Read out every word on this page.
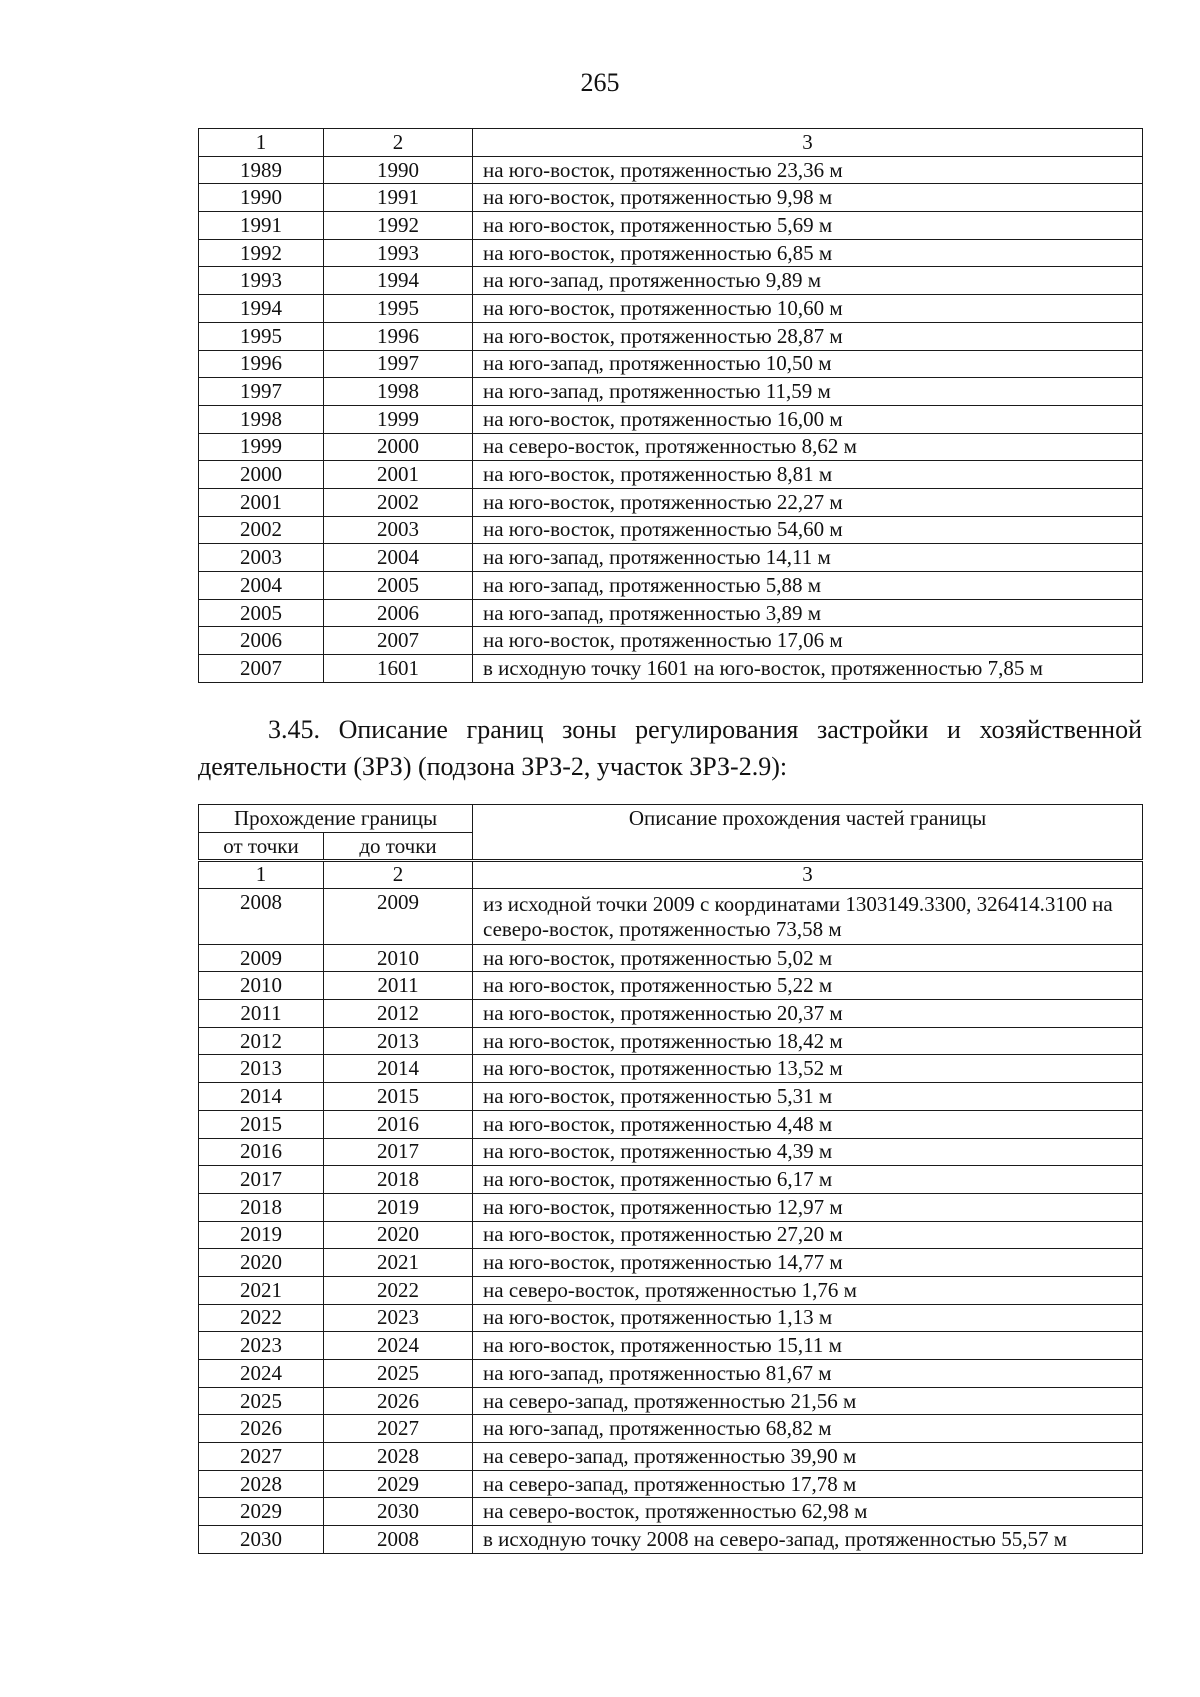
265
1	2	3
1989	1990	на юго-восток, протяженностью 23,36 м
1990	1991	на юго-восток, протяженностью 9,98 м
1991	1992	на юго-восток, протяженностью 5,69 м
1992	1993	на юго-восток, протяженностью 6,85 м
1993	1994	на юго-запад, протяженностью 9,89 м
1994	1995	на юго-восток, протяженностью 10,60 м
1995	1996	на юго-восток, протяженностью 28,87 м
1996	1997	на юго-запад, протяженностью 10,50 м
1997	1998	на юго-запад, протяженностью 11,59 м
1998	1999	на юго-восток, протяженностью 16,00 м
1999	2000	на северо-восток, протяженностью 8,62 м
2000	2001	на юго-восток, протяженностью 8,81 м
2001	2002	на юго-восток, протяженностью 22,27 м
2002	2003	на юго-восток, протяженностью 54,60 м
2003	2004	на юго-запад, протяженностью 14,11 м
2004	2005	на юго-запад, протяженностью 5,88 м
2005	2006	на юго-запад, протяженностью 3,89 м
2006	2007	на юго-восток, протяженностью 17,06 м
2007	1601	в исходную точку 1601 на юго-восток, протяженностью 7,85 м
3.45. Описание границ зоны регулирования застройки и хозяйственной деятельности (ЗРЗ) (подзона ЗРЗ-2, участок ЗРЗ-2.9):
Прохождение границы		Описание прохождения частей границы
от точки	до точки	
1	2	3
2008	2009	из исходной точки 2009 с координатами 1303149.3300, 326414.3100 на северо-восток, протяженностью 73,58 м
2009	2010	на юго-восток, протяженностью 5,02 м
2010	2011	на юго-восток, протяженностью 5,22 м
2011	2012	на юго-восток, протяженностью 20,37 м
2012	2013	на юго-восток, протяженностью 18,42 м
2013	2014	на юго-восток, протяженностью 13,52 м
2014	2015	на юго-восток, протяженностью 5,31 м
2015	2016	на юго-восток, протяженностью 4,48 м
2016	2017	на юго-восток, протяженностью 4,39 м
2017	2018	на юго-восток, протяженностью 6,17 м
2018	2019	на юго-восток, протяженностью 12,97 м
2019	2020	на юго-восток, протяженностью 27,20 м
2020	2021	на юго-восток, протяженностью 14,77 м
2021	2022	на северо-восток, протяженностью 1,76 м
2022	2023	на юго-восток, протяженностью 1,13 м
2023	2024	на юго-восток, протяженностью 15,11 м
2024	2025	на юго-запад, протяженностью 81,67 м
2025	2026	на северо-запад, протяженностью 21,56 м
2026	2027	на юго-запад, протяженностью 68,82 м
2027	2028	на северо-запад, протяженностью 39,90 м
2028	2029	на северо-запад, протяженностью 17,78 м
2029	2030	на северо-восток, протяженностью 62,98 м
2030	2008	в исходную точку 2008 на северо-запад, протяженностью 55,57 м
